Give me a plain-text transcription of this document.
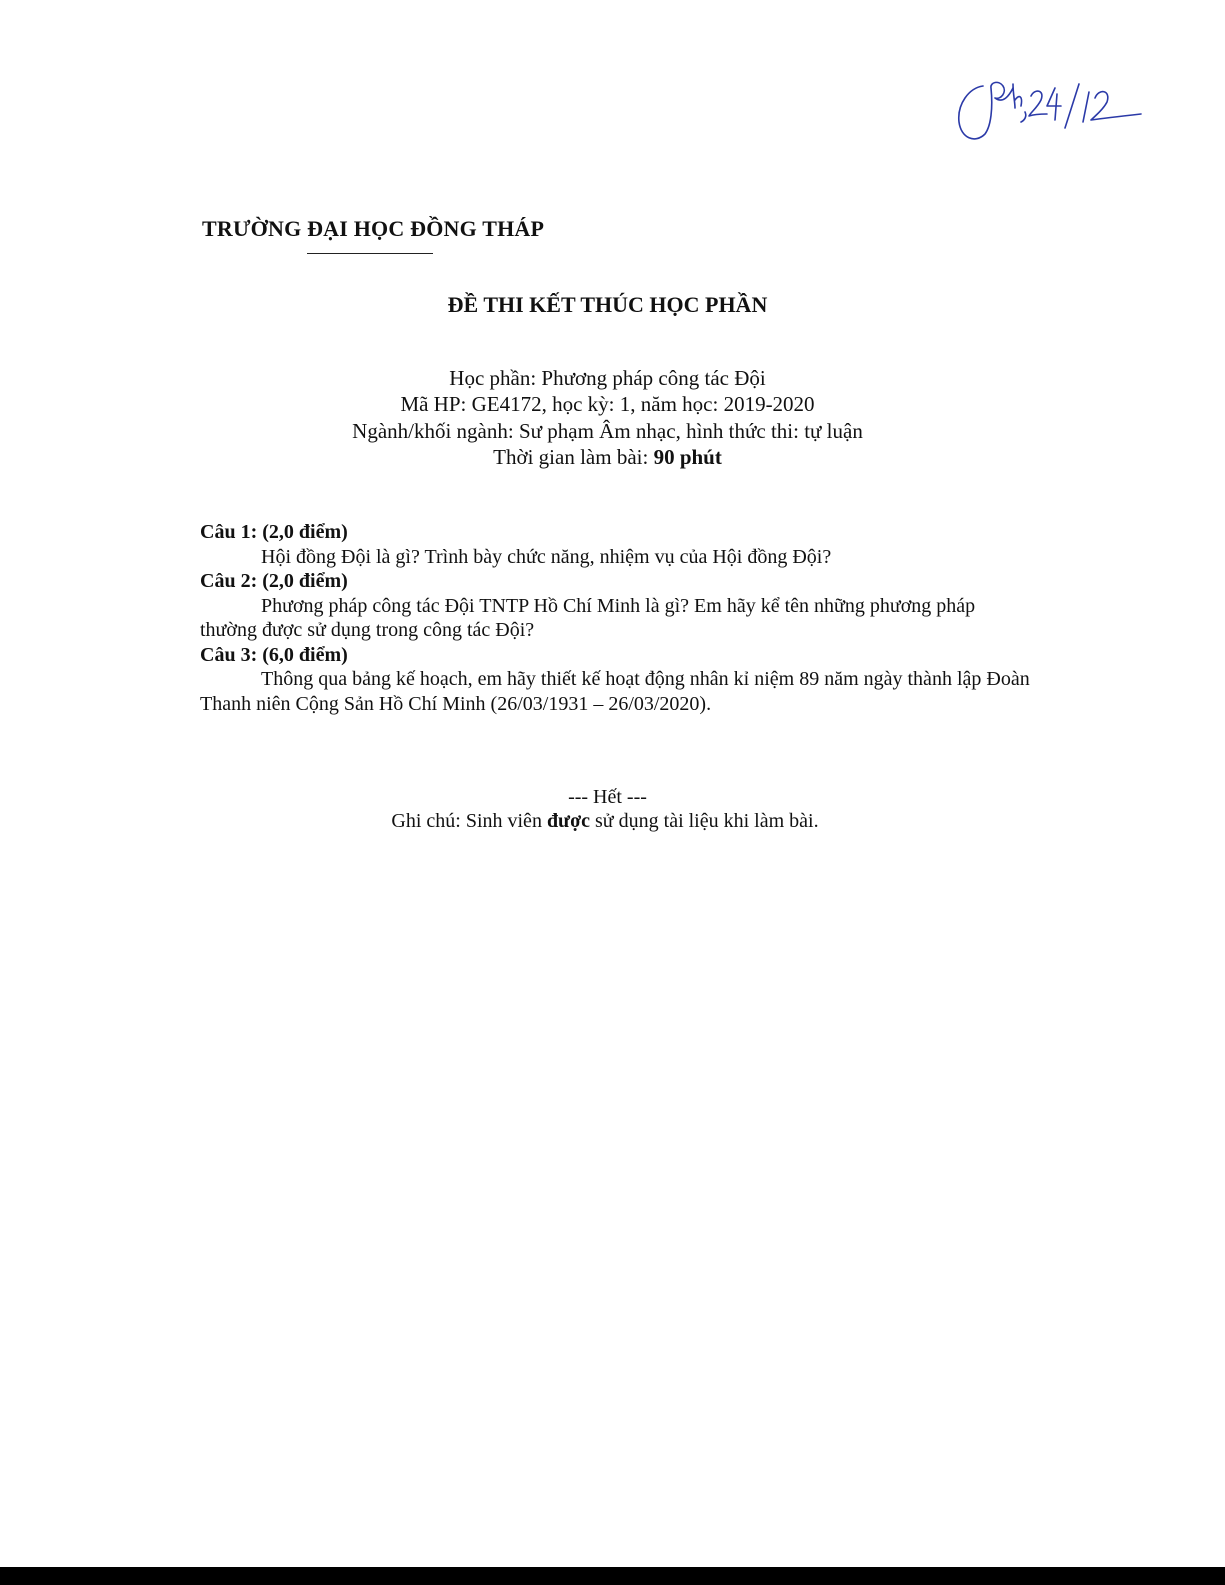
TRƯỜNG ĐẠI HỌC ĐỒNG THÁP
ĐỀ THI KẾT THÚC HỌC PHẦN
Học phần: Phương pháp công tác Đội
Mã HP: GE4172, học kỳ: 1, năm học: 2019-2020
Ngành/khối ngành: Sư phạm Âm nhạc, hình thức thi: tự luận
Thời gian làm bài: 90 phút
Câu 1: (2,0 điểm)
Hội đồng Đội là gì? Trình bày chức năng, nhiệm vụ của Hội đồng Đội?
Câu 2: (2,0 điểm)
Phương pháp công tác Đội TNTP Hồ Chí Minh là gì? Em hãy kể tên những phương pháp thường được sử dụng trong công tác Đội?
Câu 3: (6,0 điểm)
Thông qua bảng kế hoạch, em hãy thiết kế hoạt động nhân kỉ niệm 89 năm ngày thành lập Đoàn Thanh niên Cộng Sản Hồ Chí Minh (26/03/1931 – 26/03/2020).
--- Hết ---
Ghi chú: Sinh viên được sử dụng tài liệu khi làm bài.
